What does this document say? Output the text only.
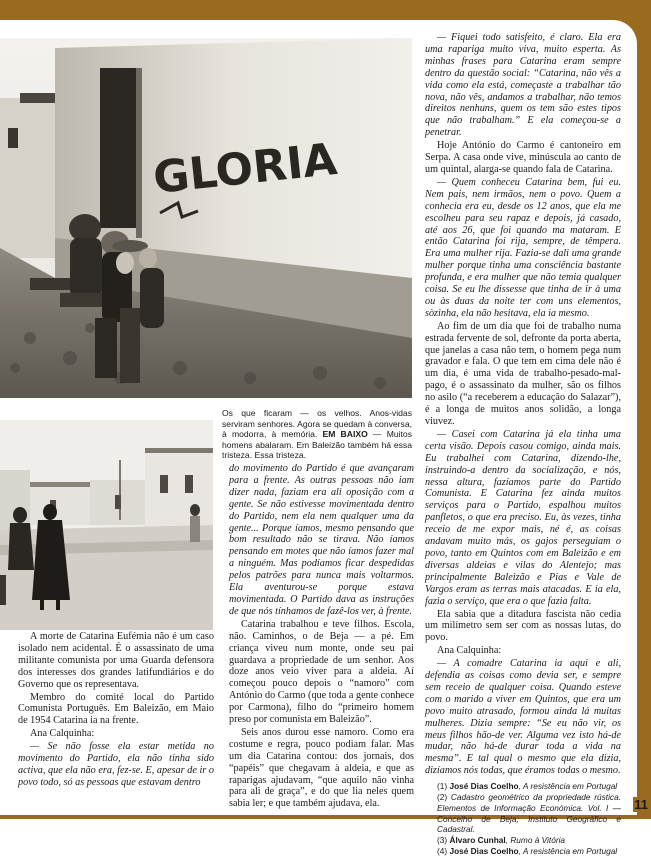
GLORIA
Os que ficaram — os velhos. Anos-vidas serviram senhores. Agora se quedam à conversa, à modorra, à memória. EM BAIXO — Muitos homens abalaram. Em Baleizão também há essa tristeza. Essa tristeza.

A morte de Catarina Eufémia não é um caso isolado nem acidental. É o assassinato de uma militante comunista por uma Guarda defensora dos interesses dos grandes latifundiários e do Governo que os representava.

Membro do comité local do Partido Comunista Português. Em Baleizão, em Maio de 1954 Catarina ia na frente.

Ana Calquinha:

— Se não fosse ela estar metida no movimento do Partido, ela não tinha sido activa, que ela não era, fez-se. E, apesar de ir o povo todo, só as pessoas que estavam dentro

do movimento do Partido é que avançaram para a frente. As outras pessoas não iam dizer nada, faziam era ali oposição com a gente. Se não estivesse movimentada dentro do Partido, nem ela nem qualquer uma da gente... Porque íamos, mesmo pensando que bom resultado não se tirava. Não íamos pensando em motes que não íamos fazer mal a ninguém. Mas podíamos ficar despedidas pelos patrões para nunca mais voltarmos. Ela aventurou-se porque estava movimentada. O Partido dava as instruções de que nós tínhamos de fazê-los ver, à frente.

Catarina trabalhou e teve filhos. Escola, não. Caminhos, o de Beja — a pé. Em criança viveu num monte, onde seu pai guardava a propriedade de um senhor. Aos doze anos veio viver para a aldeia. Aí começou pouco depois o “namoro” com António do Carmo (que toda a gente conhece por Carmona), filho do “primeiro homem preso por comunista em Baleizão”.

Seis anos durou esse namoro. Como era costume e regra, pouco podiam falar. Mas um dia Catarina contou: dos jornais, dos “papéis” que chegavam à aldeia, e que as raparigas ajudavam, “que aquilo não vinha para ali de graça”, e do que lia neles quem sabia ler; e que também ajudava, ela.

— Fiquei todo satisfeito, é claro. Ela era uma rapariga muito viva, muito esperta. As minhas frases para Catarina eram sempre dentro da questão social: “Catarina, não vês a vida como ela está, começaste a trabalhar tão nova, não vês, andamos a trabalhar, não temos direitos nenhuns, quem os tem são estes tipos que não trabalham.” E ela começou-se a penetrar.

Hoje António do Carmo é cantoneiro em Serpa. A casa onde vive, minúscula ao canto de um quintal, alarga-se quando fala de Catarina.

— Quem conheceu Catarina bem, fui eu. Nem pais, nem irmãos, nem o povo. Quem a conhecia era eu, desde os 12 anos, que ela me escolheu para seu rapaz e depois, já casado, até aos 26, que foi quando ma mataram. E então Catarina foi rija, sempre, de têmpera. Era uma mulher rija. Fazia-se dali uma grande mulher porque tinha uma consciência bastante profunda, e era mulher que não temia qualquer coisa. Se eu lhe dissesse que tinha de ir à uma ou às duas da noite ter com uns elementos, sòzinha, ela não hesitava, ela ia mesmo.

Ao fim de um dia que foi de trabalho numa estrada fervente de sol, defronte da porta aberta, que janelas a casa não tem, o homem pega num gravador e fala. O que tem em cima dele não é um dia, é uma vida de trabalho-pesado-mal-pago, é o assassinato da mulher, são os filhos no asilo (“a receberem a educação do Salazar”), é a longa de muitos anos solidão, a longa viuvez.

— Casei com Catarina já ela tinha uma certa visão. Depois casou comigo, ainda mais. Eu trabalhei com Catarina, dizendo-lhe, instruindo-a dentro da socialização, e nós, nessa altura, fazíamos parte do Partido Comunista. E Catarina fez ainda muitos serviços para o Partido, espalhou muitos panfletos, o que era preciso. Eu, às vezes, tinha receio de me expor mais, né é, as coisas andavam muito más, os gajos perseguiam o povo, tanto em Quintos com em Baleizão e em diversas aldeias e vilas do Alentejo; mas principalmente Baleizão e Pias e Vale de Vargos eram as terras mais atacadas. E ia ela, fazia o serviço, que era o que fazia falta.

Ela sabia que a ditadura fascista não cedia um milímetro sem ser com as nossas lutas, do povo.

Ana Calquinha:

— A comadre Catarina ia aqui e ali, defendia as coisas como devia ser, e sempre sem receio de qualquer coisa. Quando esteve com o marido a viver em Quintos, que era um povo muito atrasado, formou ainda lá muitas mulheres. Dizia sempre: “Se eu não vir, os meus filhos hão-de ver. Alguma vez isto há-de mudar, não há-de durar toda a vida na mesma”. E tal qual o mesmo que ela dizia, dizíamos nós todas, que éramos todas o mesmo.

(1) José Dias Coelho, A resistência em Portugal
(2) Cadastro geométrico da propriedade rústica. Elementos de Informação Económica. Vol. I — Concelho de Beja; Instituto Geográfico e Cadastral.
(3) Álvaro Cunhal, Rumo à Vitória
(4) José Dias Coelho, A resistência em Portugal
11
